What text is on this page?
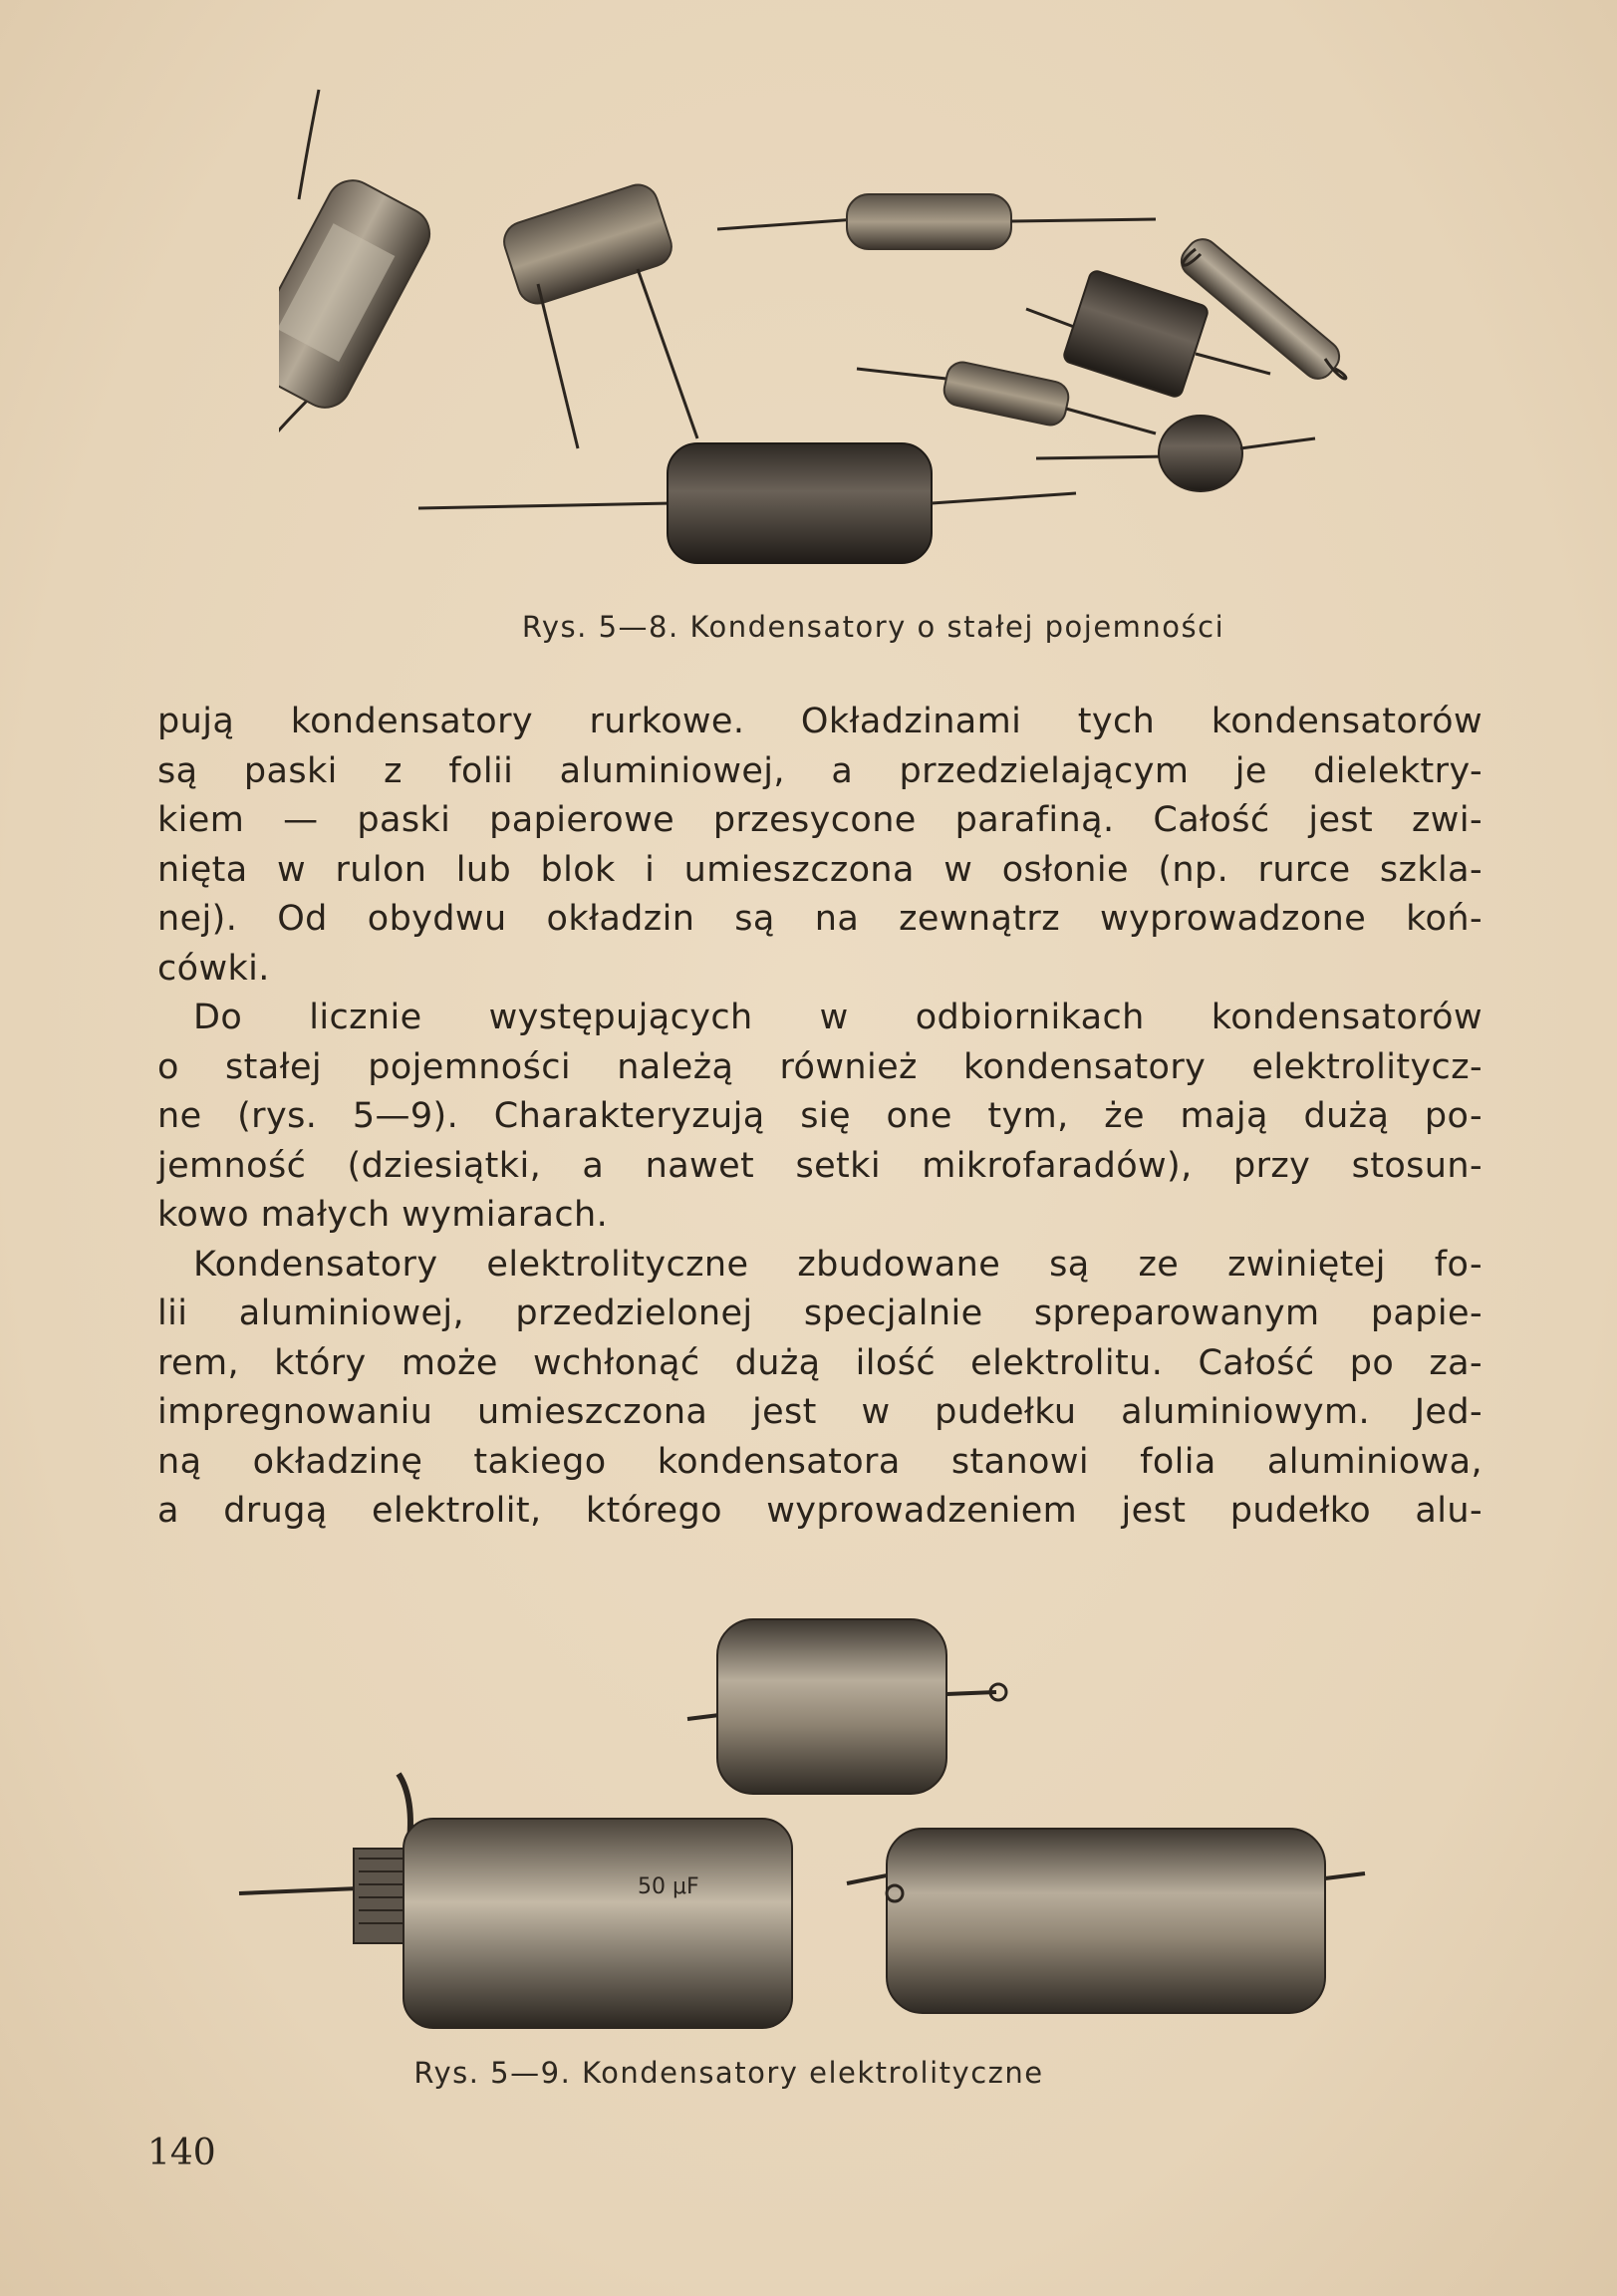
Rys. 5—8. Kondensatory o stałej pojemności

pują kondensatory rurkowe. Okładzinami tych kondensatorów
są paski z folii aluminiowej, a przedzielającym je dielektry-
kiem — paski papierowe przesycone parafiną. Całość jest zwi-
nięta w rulon lub blok i umieszczona w osłonie (np. rurce szkla-
nej). Od obydwu okładzin są na zewnątrz wyprowadzone koń-
cówki.

Do licznie występujących w odbiornikach kondensatorów
o stałej pojemności należą również kondensatory elektrolitycz-
ne (rys. 5—9). Charakteryzują się one tym, że mają dużą po-
jemność (dziesiątki, a nawet setki mikrofaradów), przy stosun-
kowo małych wymiarach.

Kondensatory elektrolityczne zbudowane są ze zwiniętej fo-
lii aluminiowej, przedzielonej specjalnie spreparowanym papie-
rem, który może wchłonąć dużą ilość elektrolitu. Całość po za-
impregnowaniu umieszczona jest w pudełku aluminiowym. Jed-
ną okładzinę takiego kondensatora stanowi folia aluminiowa,
a drugą elektrolit, którego wyprowadzeniem jest pudełko alu-

50 μF
Rys. 5—9. Kondensatory elektrolityczne
140
